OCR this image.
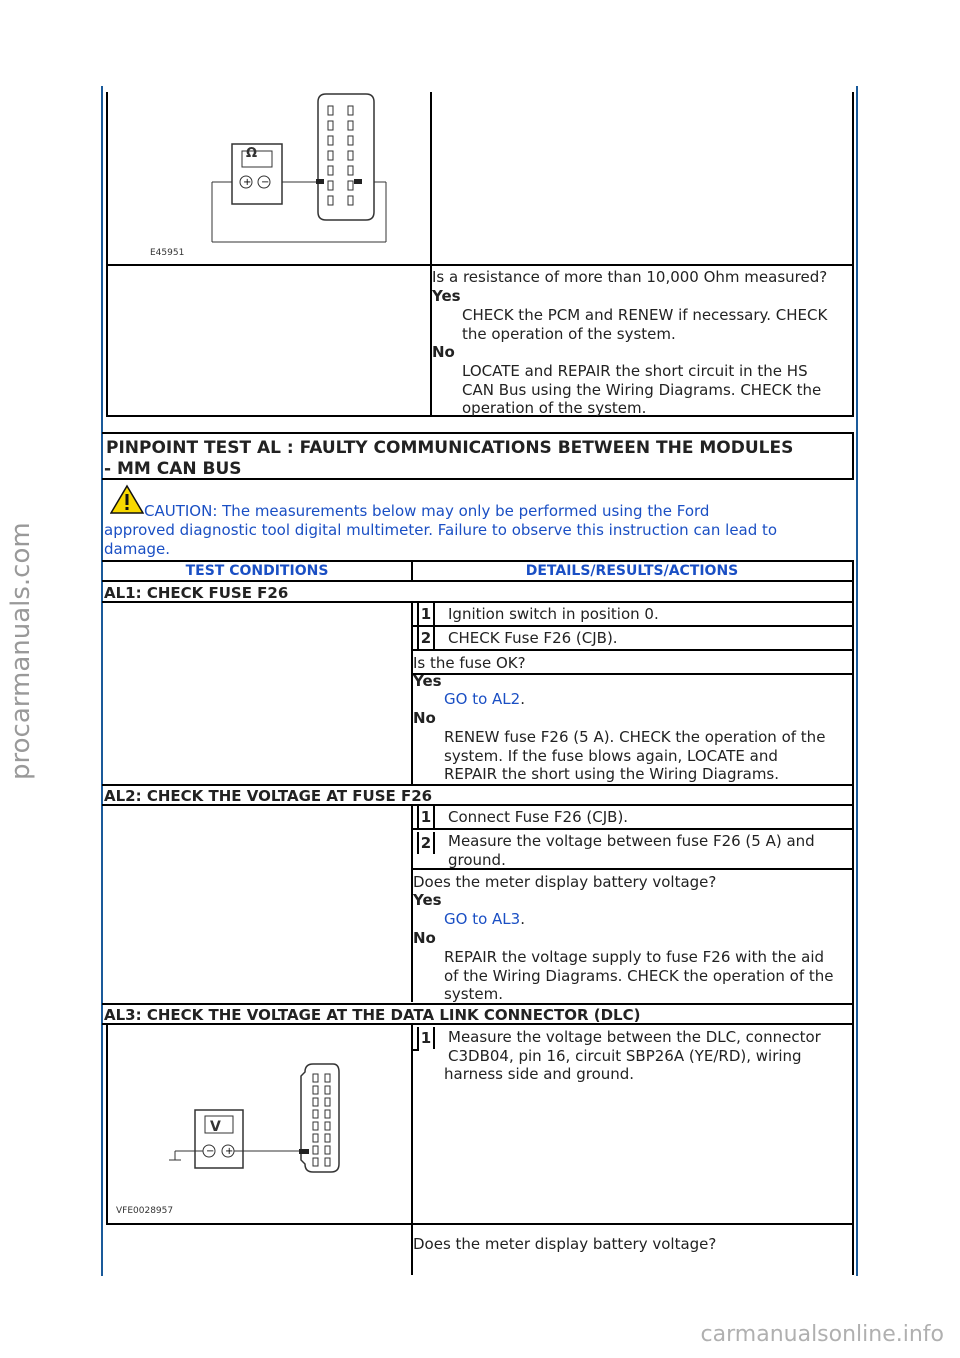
procarmanuals.com
carmanualsonline.info
+ −
E45951
Ω
Is a resistance of more than 10,000 Ohm measured?
Yes
CHECK the PCM and RENEW if necessary. CHECK
the operation of the system.
No
LOCATE and REPAIR the short circuit in the HS
CAN Bus using the Wiring Diagrams. CHECK the
operation of the system.
PINPOINT TEST AL : FAULTY COMMUNICATIONS BETWEEN THE MODULES
- MM CAN BUS
CAUTION: The measurements below may only be performed using the Ford
approved diagnostic tool digital multimeter. Failure to observe this instruction can lead to
damage.
TEST CONDITIONS	DETAILS/RESULTS/ACTIONS
AL1: CHECK FUSE F26
1 Ignition switch in position 0.
2 CHECK Fuse F26 (CJB).
Is the fuse OK?
Yes
GO to AL2.
No
RENEW fuse F26 (5 A). CHECK the operation of the
system. If the fuse blows again, LOCATE and
REPAIR the short using the Wiring Diagrams.
AL2: CHECK THE VOLTAGE AT FUSE F26
1 Connect Fuse F26 (CJB).
2 Measure the voltage between fuse F26 (5 A) and
ground.
Does the meter display battery voltage?
Yes
GO to AL3.
No
REPAIR the voltage supply to fuse F26 with the aid
of the Wiring Diagrams. CHECK the operation of the
system.
AL3: CHECK THE VOLTAGE AT THE DATA LINK CONNECTOR (DLC)
1 Measure the voltage between the DLC, connector
C3DB04, pin 16, circuit SBP26A (YE/RD), wiring
harness side and ground.
− +
V
VFE0028957
Does the meter display battery voltage?
